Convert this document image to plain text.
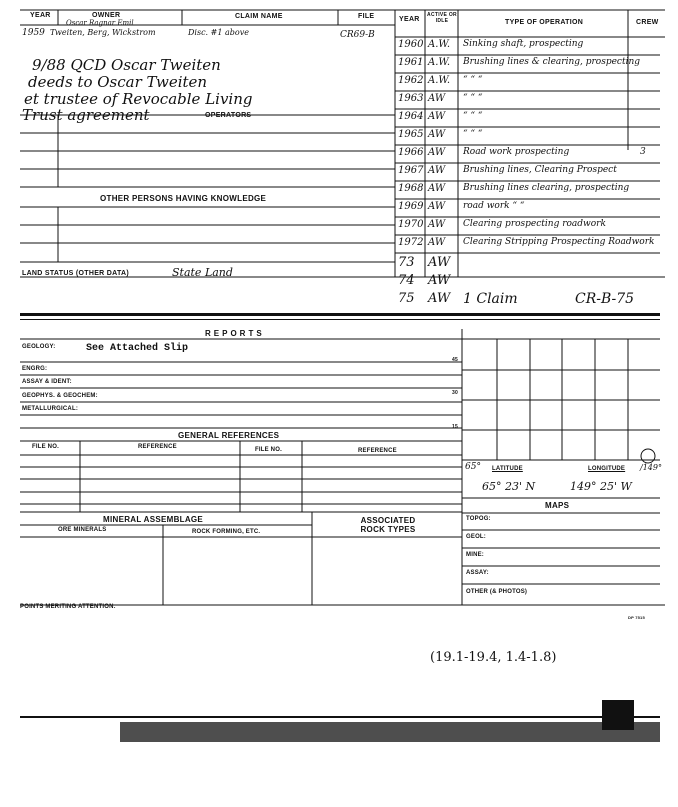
YEAR	OWNER	CLAIM NAME	FILE	YEAR
ACTIVE OR IDLE	TYPE OF OPERATION	CREW
Oscar Ragnar Emil
1959 Tweiten, Berg, Wickstrom	Disc. #1 above	CR69-B
9/88 QCD Oscar Tweiten
deeds to Oscar Tweiten
et trustee of Revocable Living
Trust agreement	OPERATORS
OTHER PERSONS HAVING KNOWLEDGE
LAND STATUS (OTHER DATA)	State Land
1960 A.W. Sinking shaft, prospecting
1961 A.W. Brushing lines & clearing, prospecting
1962 A.W. “ “ “
1963 AW “ “ “
1964 AW “ “ “
1965 AW “ “ “
1966 AW Road work prospecting	3
1967 AW Brushing lines, Clearing Prospect
1968 AW Brushing lines clearing, prospecting
1969 AW road work “ “
1970 AW Clearing prospecting roadwork
1972 AW Clearing Stripping Prospecting Roadwork
73 AW
74 AW
75 AW 1 Claim	CR-B-75
REPORTS
GEOLOGY:	See Attached Slip
ENGRG:
ASSAY & IDENT:
GEOPHYS. & GEOCHEM:
METALLURGICAL:
45
30
15
GENERAL REFERENCES
FILE NO.	REFERENCE	FILE NO.	REFERENCE
MINERAL ASSEMBLAGE
ORE MINERALS	ROCK FORMING, ETC.
ASSOCIATED ROCK TYPES
65° LATITUDE	LONGITUDE /149°
65° 23' N	149° 25' W
MAPS
TOPOG:
GEOL:
MINE:
ASSAY:
OTHER (& PHOTOS)
POINTS MERITING ATTENTION:
DP 7515
(19.1-19.4, 1.4-1.8)
